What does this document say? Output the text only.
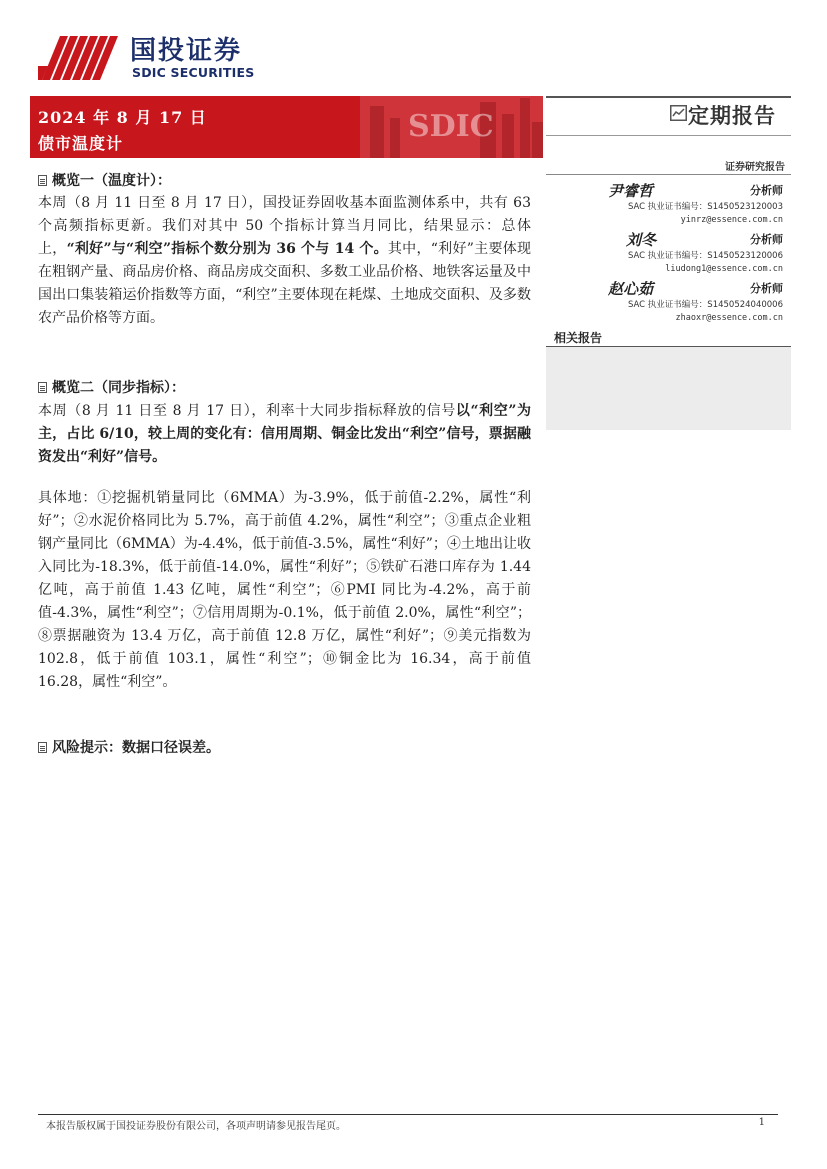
国投证券
SDIC SECURITIES
SDIC
2024 年 8 月 17 日
债市温度计
定期报告
证券研究报告
尹睿哲	分析师
SAC 执业证书编号：S1450523120003
yinrz@essence.com.cn
刘冬	分析师
SAC 执业证书编号：S1450523120006
liudong1@essence.com.cn
赵心茹	分析师
SAC 执业证书编号：S1450524040006
zhaoxr@essence.com.cn
相关报告
概览一（温度计）：
本周（8 月 11 日至 8 月 17 日），国投证券固收基本面监测体系中，共有 63 个高频指标更新。我们对其中 50 个指标计算当月同比，结果显示：总体上，“利好”与“利空”指标个数分别为 36 个与 14 个。其中，“利好”主要体现在粗钢产量、商品房价格、商品房成交面积、多数工业品价格、地铁客运量及中国出口集装箱运价指数等方面，“利空”主要体现在耗煤、土地成交面积、及多数农产品价格等方面。
概览二（同步指标）：
本周（8 月 11 日至 8 月 17 日），利率十大同步指标释放的信号以“利空”为主，占比 6/10，较上周的变化有：信用周期、铜金比发出“利空”信号，票据融资发出“利好”信号。
具体地：①挖掘机销量同比（6MMA）为-3.9%，低于前值-2.2%，属性“利好”；②水泥价格同比为 5.7%，高于前值 4.2%，属性“利空”；③重点企业粗钢产量同比（6MMA）为-4.4%，低于前值-3.5%，属性“利好”；④土地出让收入同比为-18.3%，低于前值-14.0%，属性“利好”；⑤铁矿石港口库存为 1.44 亿吨，高于前值 1.43 亿吨，属性“利空”；⑥PMI 同比为-4.2%，高于前值-4.3%，属性“利空”；⑦信用周期为-0.1%，低于前值 2.0%，属性“利空”；⑧票据融资为 13.4 万亿，高于前值 12.8 万亿，属性“利好”；⑨美元指数为 102.8，低于前值 103.1，属性“利空”；⑩铜金比为 16.34，高于前值 16.28，属性“利空”。
风险提示：数据口径误差。
本报告版权属于国投证券股份有限公司，各项声明请参见报告尾页。	1
